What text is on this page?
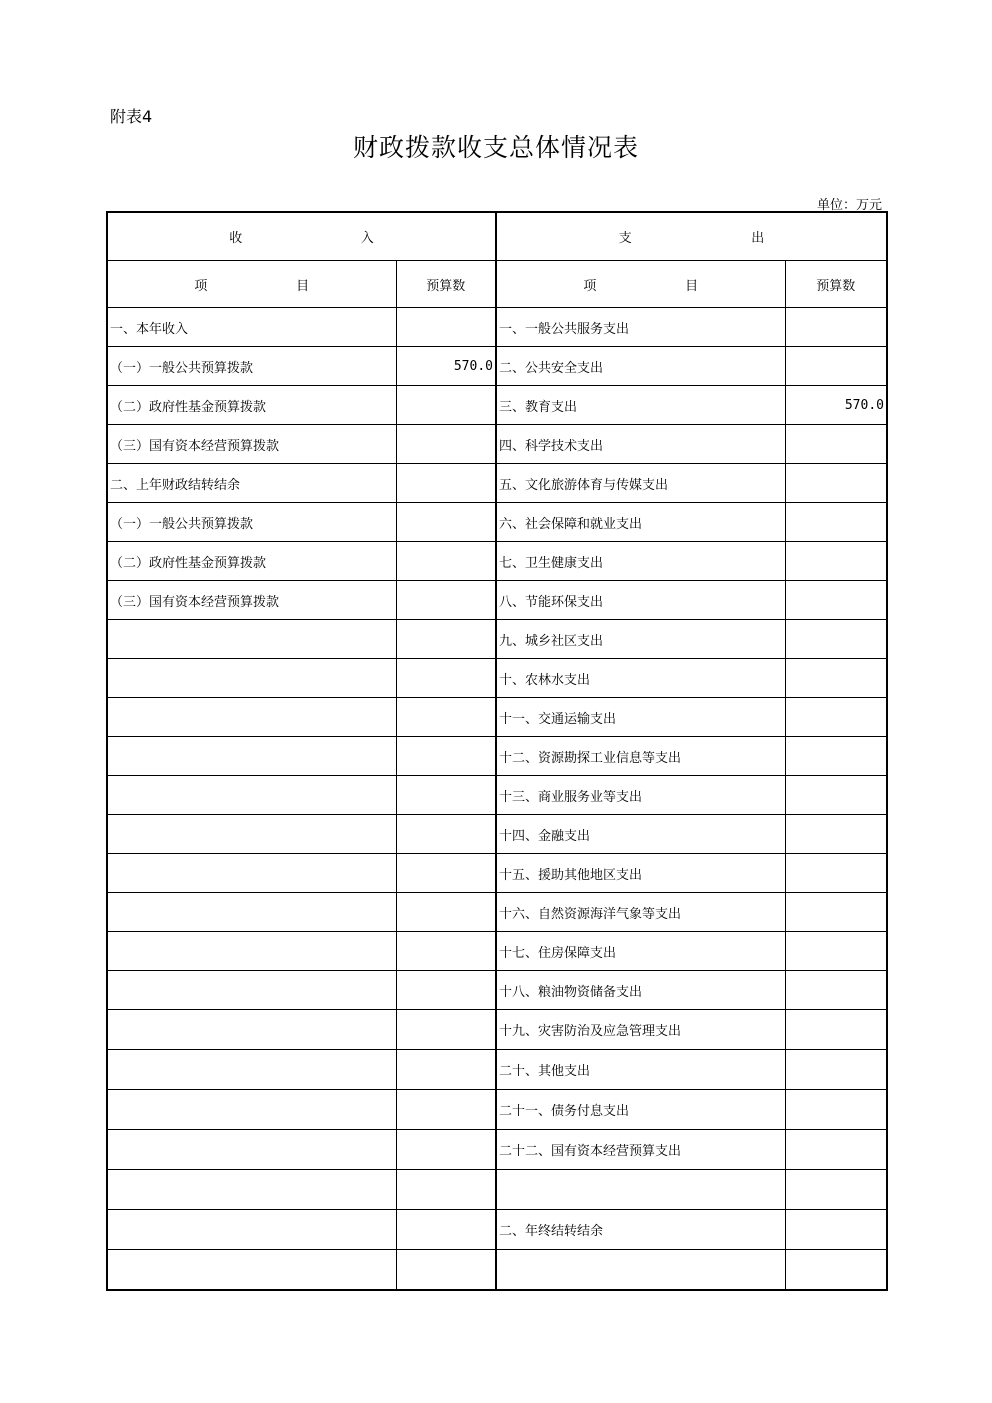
附表4
财政拨款收支总体情况表
单位：万元
收 入		支 出	

项 目	预算数	项 目	预算数
一、本年收入		一、一般公共服务支出	
（一）一般公共预算拨款	570.0	二、公共安全支出	
（二）政府性基金预算拨款		三、教育支出	570.0
（三）国有资本经营预算拨款		四、科学技术支出	
二、上年财政结转结余		五、文化旅游体育与传媒支出	
（一）一般公共预算拨款		六、社会保障和就业支出	
（二）政府性基金预算拨款		七、卫生健康支出	
（三）国有资本经营预算拨款		八、节能环保支出	
		九、城乡社区支出	
		十、农林水支出	
		十一、交通运输支出	
		十二、资源勘探工业信息等支出	
		十三、商业服务业等支出	
		十四、金融支出	
		十五、援助其他地区支出	
		十六、自然资源海洋气象等支出	
		十七、住房保障支出	
		十八、粮油物资储备支出	
		十九、灾害防治及应急管理支出	
		二十、其他支出	
		二十一、债务付息支出	
		二十二、国有资本经营预算支出	

		二、年终结转结余	
